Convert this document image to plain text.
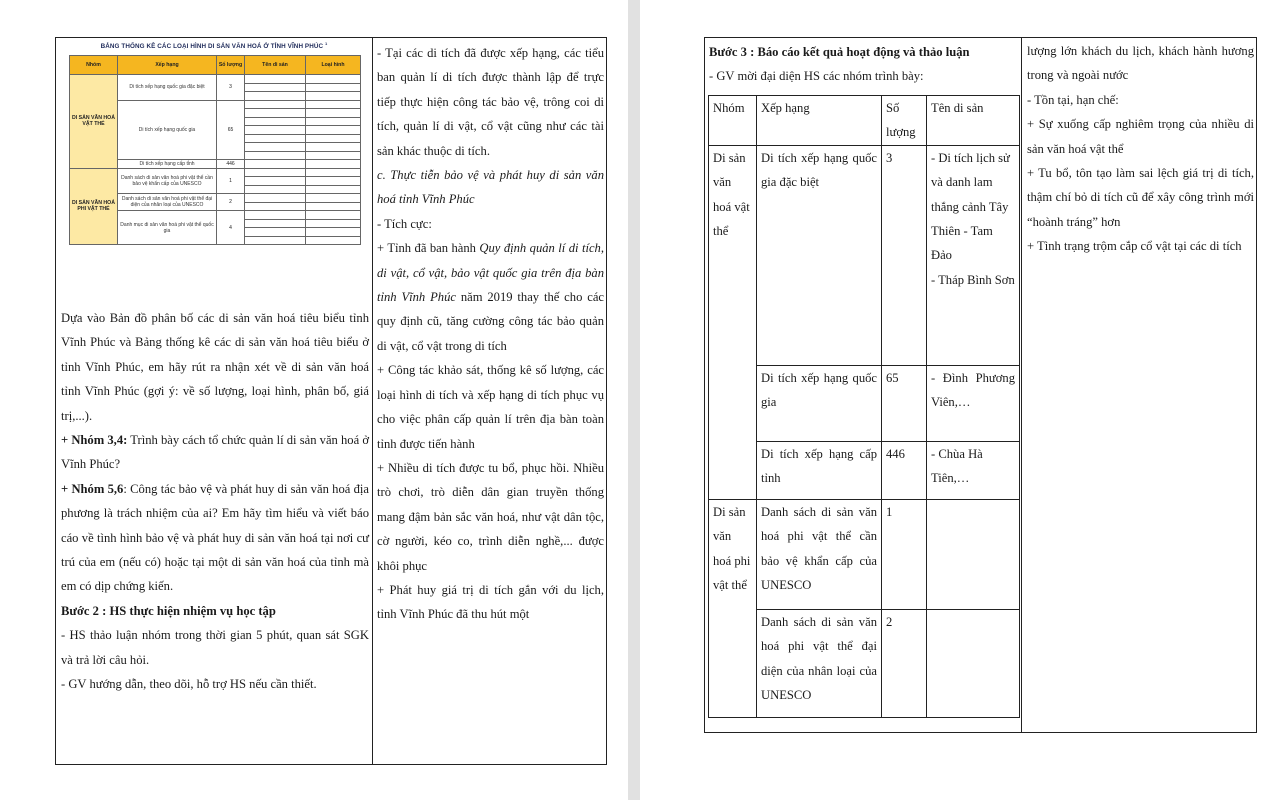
BẢNG THỐNG KÊ CÁC LOẠI HÌNH DI SẢN VĂN HOÁ Ở TỈNH VĨNH PHÚC $^1$
Nhóm	Xếp hạng	Số lượng	Tên di sản	Loại hình
DI SẢN VĂN HOÁ VẬT THỂ	Di tích xếp hạng quốc gia đặc biệt	3		

	Di tích xếp hạng quốc gia	65		

	Di tích xếp hạng cấp tỉnh	446		
DI SẢN VĂN HOÁ PHI VẬT THỂ	Danh sách di sản văn hoá phi vật thể cần bảo vệ khẩn cấp của UNESCO	1		

	Danh sách di sản văn hoá phi vật thể đại diện của nhân loại của UNESCO	2		

	Danh mục di sản văn hoá phi vật thể quốc gia	4		

Dựa vào Bản đồ phân bố các di sản văn hoá tiêu biểu tỉnh Vĩnh Phúc và Bảng thống kê các di sản văn hoá tiêu biểu ở tỉnh Vĩnh Phúc, em hãy rút ra nhận xét về di sản văn hoá tỉnh Vĩnh Phúc (gợi ý: về số lượng, loại hình, phân bố, giá trị,...).

+ Nhóm 3,4: Trình bày cách tổ chức quản lí di sản văn hoá ở Vĩnh Phúc?

+ Nhóm 5,6: Công tác bảo vệ và phát huy di sản văn hoá địa phương là trách nhiệm của ai? Em hãy tìm hiểu và viết báo cáo về tình hình bảo vệ và phát huy di sản văn hoá tại nơi cư trú của em (nếu có) hoặc tại một di sản văn hoá của tỉnh mà em có dịp chứng kiến.

Bước 2 : HS thực hiện nhiệm vụ học tập

- HS thảo luận nhóm trong thời gian 5 phút, quan sát SGK và trả lời câu hỏi.

- GV hướng dẫn, theo dõi, hỗ trợ HS nếu cần thiết.

- Tại các di tích đã được xếp hạng, các tiểu ban quản lí di tích được thành lập để trực tiếp thực hiện công tác bảo vệ, trông coi di tích, quản lí di vật, cổ vật cũng như các tài sản khác thuộc di tích.

c. Thực tiễn bảo vệ và phát huy di sản văn hoá tỉnh Vĩnh Phúc

- Tích cực:

+ Tỉnh đã ban hành Quy định quản lí di tích, di vật, cổ vật, bảo vật quốc gia trên địa bàn tỉnh Vĩnh Phúc năm 2019 thay thế cho các quy định cũ, tăng cường công tác bảo quản di vật, cổ vật trong di tích

+ Công tác khảo sát, thống kê số lượng, các loại hình di tích và xếp hạng di tích phục vụ cho việc phân cấp quản lí trên địa bàn toàn tỉnh được tiến hành

+ Nhiều di tích được tu bổ, phục hồi. Nhiều trò chơi, trò diễn dân gian truyền thống mang đậm bản sắc văn hoá, như vật dân tộc, cờ người, kéo co, trình diễn nghề,... được khôi phục

+ Phát huy giá trị di tích gắn với du lịch, tỉnh Vĩnh Phúc đã thu hút một

Bước 3 : Báo cáo kết quả hoạt động và thảo luận
- GV mời đại diện HS các nhóm trình bày:
Nhóm	Xếp hạng	Số lượng	Tên di sản
Di sản văn hoá vật thể	Di tích xếp hạng quốc gia đặc biệt	3	- Di tích lịch sử và danh lam thắng cảnh Tây Thiên - Tam Đảo
- Tháp Bình Sơn

	Di tích xếp hạng quốc gia	65	- Đình Phương Viên,…
	Di tích xếp hạng cấp tỉnh	446	- Chùa Hà Tiên,…
Di sản văn hoá phi vật thể	Danh sách di sản văn hoá phi vật thể cần bảo vệ khẩn cấp của UNESCO	1	
	Danh sách di sản văn hoá phi vật thể đại diện của nhân loại của UNESCO	2	

lượng lớn khách du lịch, khách hành hương trong và ngoài nước

- Tồn tại, hạn chế:

+ Sự xuống cấp nghiêm trọng của nhiều di sản văn hoá vật thể

+ Tu bổ, tôn tạo làm sai lệch giá trị di tích, thậm chí bỏ di tích cũ để xây công trình mới “hoành tráng” hơn

+ Tình trạng trộm cắp cổ vật tại các di tích
